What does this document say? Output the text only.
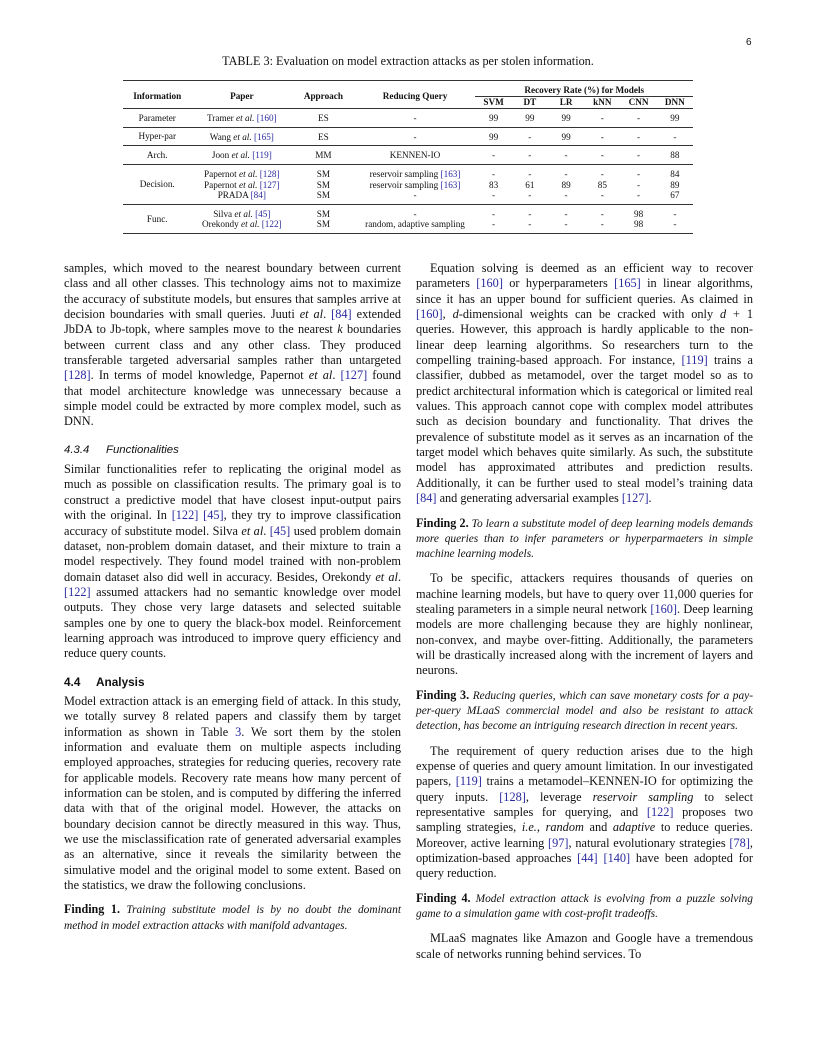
6
TABLE 3: Evaluation on model extraction attacks as per stolen information.
Information	Paper	Approach	Reducing Query	Recovery Rate (%) for Models					
				SVM	DT	LR	kNN	CNN	DNN
Parameter	Tramer et al. [160]	ES	-	99	99	99	-	-	99
Hyper-par	Wang et al. [165]	ES	-	99	-	99	-	-	-
Arch.	Joon et al. [119]	MM	KENNEN-IO	-	-	-	-	-	88
Decision.	Papernot et al. [128]	SM	reservoir sampling [163]	-	-	-	-	-	84
	Papernot et al. [127]	SM	reservoir sampling [163]	83	61	89	85	-	89
	PRADA [84]	SM	-	-	-	-	-	-	67
Func.	Silva et al. [45]	SM	-	-	-	-	-	98	-
	Orekondy et al. [122]	SM	random, adaptive sampling	-	-	-	-	98	-

samples, which moved to the nearest boundary between current class and all other classes. This technology aims not to maximize the accuracy of substitute models, but ensures that samples arrive at decision boundaries with small queries. Juuti et al. [84] extended JbDA to Jb-topk, where samples move to the nearest k boundaries between current class and any other class. They produced transferable targeted adversarial samples rather than untargeted [128]. In terms of model knowledge, Papernot et al. [127] found that model architecture knowledge was unnecessary because a simple model could be extracted by more complex model, such as DNN.

4.3.4 Functionalities

Similar functionalities refer to replicating the original model as much as possible on classification results. The primary goal is to construct a predictive model that have closest input-output pairs with the original. In [122] [45], they try to improve classification accuracy of substitute model. Silva et al. [45] used problem domain dataset, non-problem domain dataset, and their mixture to train a model respectively. They found model trained with non-problem domain dataset also did well in accuracy. Besides, Orekondy et al. [122] assumed attackers had no semantic knowledge over model outputs. They chose very large datasets and selected suitable samples one by one to query the black-box model. Reinforcement learning approach was introduced to improve query efficiency and reduce query counts.

4.4 Analysis

Model extraction attack is an emerging field of attack. In this study, we totally survey 8 related papers and classify them by target information as shown in Table 3. We sort them by the stolen information and evaluate them on multiple aspects including employed approaches, strategies for reducing queries, recovery rate for applicable models. Recovery rate means how many percent of information can be stolen, and is computed by differing the inferred data with that of the original model. However, the attacks on boundary decision cannot be directly measured in this way. Thus, we use the misclassification rate of generated adversarial examples as an alternative, since it reveals the similarity between the simulative model and the original model to some extent. Based on the statistics, we draw the following conclusions.

Finding 1. Training substitute model is by no doubt the dominant method in model extraction attacks with manifold advantages.

Equation solving is deemed as an efficient way to recover parameters [160] or hyperparameters [165] in linear algorithms, since it has an upper bound for sufficient queries. As claimed in [160], d-dimensional weights can be cracked with only d + 1 queries. However, this approach is hardly applicable to the non-linear deep learning algorithms. So researchers turn to the compelling training-based approach. For instance, [119] trains a classifier, dubbed as metamodel, over the target model so as to predict architectural information which is categorical or limited real values. This approach cannot cope with complex model attributes such as decision boundary and functionality. That drives the prevalence of substitute model as it serves as an incarnation of the target model which behaves quite similarly. As such, the substitute model has approximated attributes and prediction results. Additionally, it can be further used to steal model’s training data [84] and generating adversarial examples [127].

Finding 2. To learn a substitute model of deep learning models demands more queries than to infer parameters or hyperparmaeters in simple machine learning models.

To be specific, attackers requires thousands of queries on machine learning models, but have to query over 11,000 queries for stealing parameters in a simple neural network [160]. Deep learning models are more challenging because they are highly nonlinear, non-convex, and maybe over-fitting. Additionally, the parameters will be drastically increased along with the increment of layers and neurons.

Finding 3. Reducing queries, which can save monetary costs for a pay-per-query MLaaS commercial model and also be resistant to attack detection, has become an intriguing research direction in recent years.

The requirement of query reduction arises due to the high expense of queries and query amount limitation. In our investigated papers, [119] trains a metamodel–KENNEN-IO for optimizing the query inputs. [128], leverage reservoir sampling to select representative samples for querying, and [122] proposes two sampling strategies, i.e., random and adaptive to reduce queries. Moreover, active learning [97], natural evolutionary strategies [78], optimization-based approaches [44] [140] have been adopted for query reduction.

Finding 4. Model extraction attack is evolving from a puzzle solving game to a simulation game with cost-profit tradeoffs.

MLaaS magnates like Amazon and Google have a tremendous scale of networks running behind services. To
